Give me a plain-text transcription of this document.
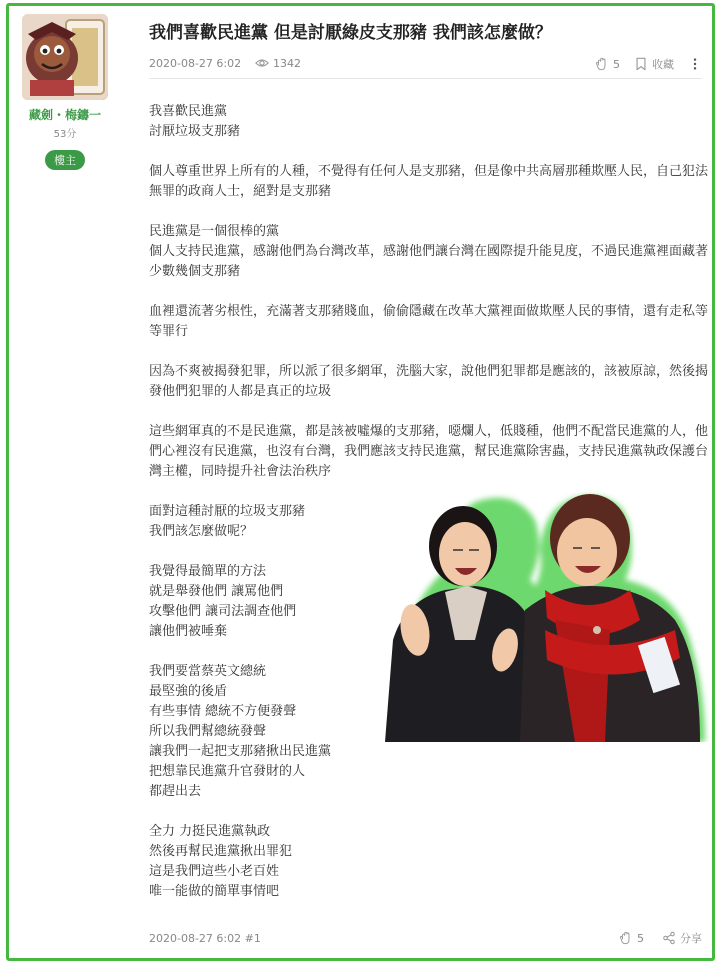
藏劍・梅鑄一
53分
樓主
我們喜歡民進黨 但是討厭綠皮支那豬 我們該怎麼做？
2020-08-27 6:02	1342	5	收藏

我喜歡民進黨
討厭垃圾支那豬

個人尊重世界上所有的人種，不覺得有任何人是支那豬，但是像中共高層那種欺壓人民，自己犯法無罪的政商人士，絕對是支那豬

民進黨是一個很棒的黨
個人支持民進黨，感謝他們為台灣改革，感謝他們讓台灣在國際提升能見度，不過民進黨裡面藏著少數幾個支那豬

血裡還流著劣根性，充滿著支那豬賤血，偷偷隱藏在改革大黨裡面做欺壓人民的事情，還有走私等等罪行

因為不爽被揭發犯罪，所以派了很多網軍，洗腦大家，說他們犯罪都是應該的，該被原諒，然後揭發他們犯罪的人都是真正的垃圾

這些網軍真的不是民進黨，都是該被噓爆的支那豬，噁爛人，低賤種，他們不配當民進黨的人，他們心裡沒有民進黨，也沒有台灣，我們應該支持民進黨，幫民進黨除害蟲，支持民進黨執政保護台灣主權，同時提升社會法治秩序

面對這種討厭的垃圾支那豬
我們該怎麼做呢？

我覺得最簡單的方法
就是舉發他們 讓罵他們
攻擊他們 讓司法調查他們
讓他們被唾棄

我們要當蔡英文總統
最堅強的後盾
有些事情 總統不方便發聲
所以我們幫總統發聲
讓我們一起把支那豬揪出民進黨
把想靠民進黨升官發財的人
都趕出去

全力 力挺民進黨執政
然後再幫民進黨揪出罪犯
這是我們這些小老百姓
唯一能做的簡單事情吧

2020-08-27 6:02 #1	5	分享
